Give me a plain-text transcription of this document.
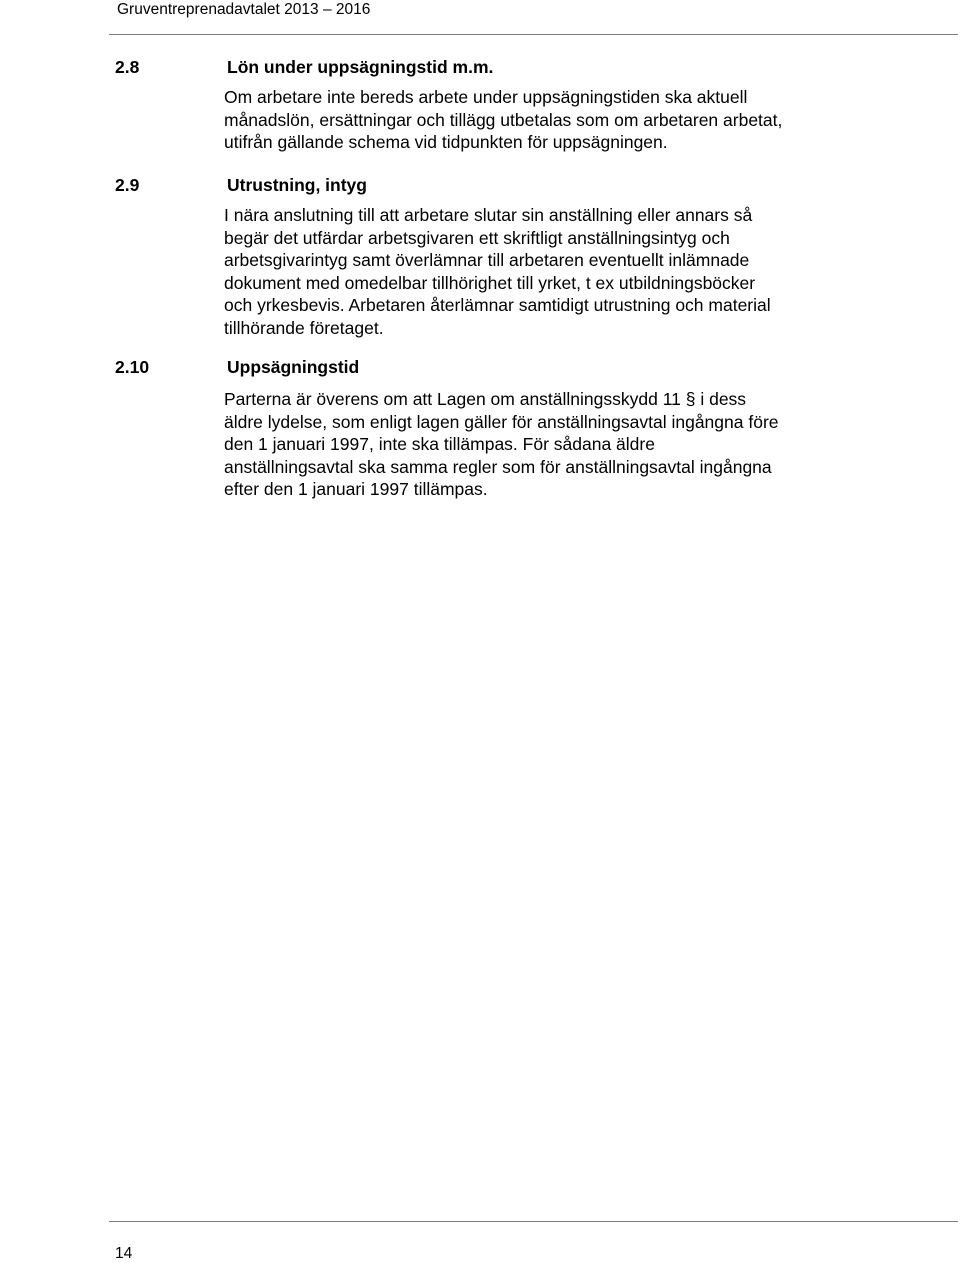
Gruventreprenadavtalet 2013 – 2016
2.8	Lön under uppsägningstid m.m.

Om arbetare inte bereds arbete under uppsägningstiden ska aktuell
månadslön, ersättningar och tillägg utbetalas som om arbetaren arbetat,
utifrån gällande schema vid tidpunkten för uppsägningen.

2.9	Utrustning, intyg

I nära anslutning till att arbetare slutar sin anställning eller annars så
begär det utfärdar arbetsgivaren ett skriftligt anställningsintyg och
arbetsgivarintyg samt överlämnar till arbetaren eventuellt inlämnade
dokument med omedelbar tillhörighet till yrket, t ex utbildningsböcker
och yrkesbevis. Arbetaren återlämnar samtidigt utrustning och material
tillhörande företaget.

2.10	Uppsägningstid

Parterna är överens om att Lagen om anställningsskydd 11 § i dess
äldre lydelse, som enligt lagen gäller för anställningsavtal ingångna före
den 1 januari 1997, inte ska tillämpas. För sådana äldre
anställningsavtal ska samma regler som för anställningsavtal ingångna
efter den 1 januari 1997 tillämpas.

14
